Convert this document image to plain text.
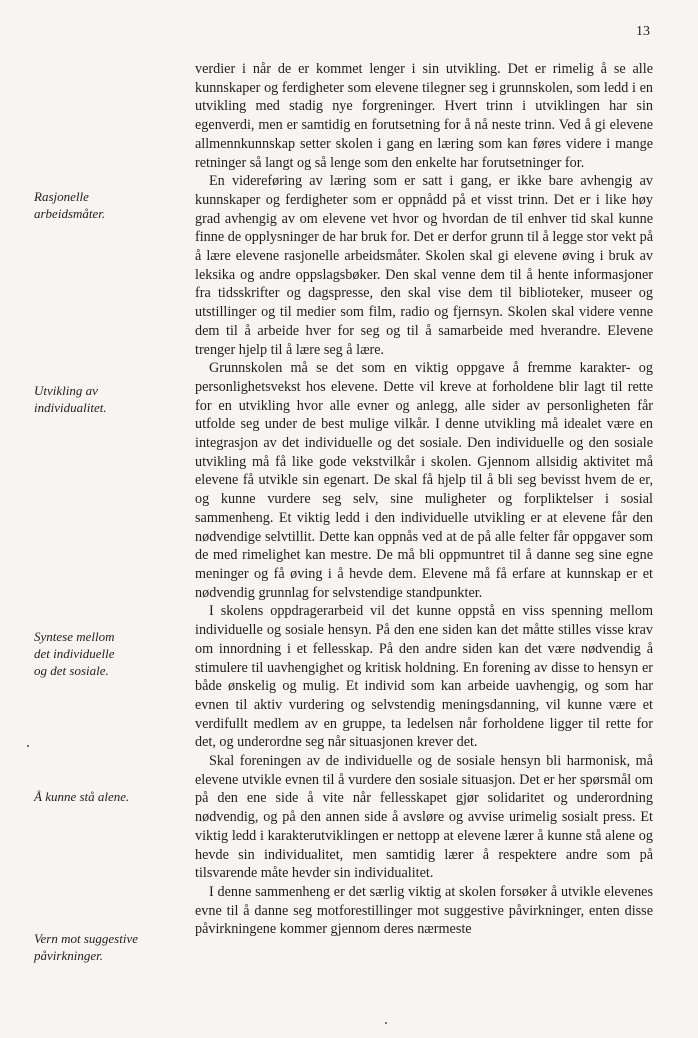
13
Rasjonelle
arbeidsmåter.
Utvikling av
individualitet.
Syntese mellom
det individuelle
og det sosiale.
Å kunne stå alene.
Vern mot suggestive
påvirkninger.

verdier i når de er kommet lenger i sin utvikling. Det er rimelig å se alle kunnskaper og ferdigheter som elevene tilegner seg i grunnskolen, som ledd i en utvikling med stadig nye forgreninger. Hvert trinn i utviklingen har sin egenverdi, men er samtidig en forutsetning for å nå neste trinn. Ved å gi elevene allmennkunnskap setter skolen i gang en læring som kan føres videre i mange retninger så langt og så lenge som den enkelte har forutsetninger for.

En videreføring av læring som er satt i gang, er ikke bare avhengig av kunnskaper og ferdigheter som er oppnådd på et visst trinn. Det er i like høy grad avhengig av om elevene vet hvor og hvordan de til enhver tid skal kunne finne de opplysninger de har bruk for. Det er derfor grunn til å legge stor vekt på å lære elevene rasjonelle arbeidsmåter. Skolen skal gi elevene øving i bruk av leksika og andre oppslagsbøker. Den skal venne dem til å hente informasjoner fra tidsskrifter og dagspresse, den skal vise dem til biblioteker, museer og utstillinger og til medier som film, radio og fjernsyn. Skolen skal videre venne dem til å arbeide hver for seg og til å samarbeide med hverandre. Elevene trenger hjelp til å lære seg å lære.

Grunnskolen må se det som en viktig oppgave å fremme karakter- og personlighetsvekst hos elevene. Dette vil kreve at forholdene blir lagt til rette for en utvikling hvor alle evner og anlegg, alle sider av personligheten får utfolde seg under de best mulige vilkår. I denne utvikling må idealet være en integrasjon av det individuelle og det sosiale. Den individuelle og den sosiale utvikling må få like gode vekstvilkår i skolen. Gjennom allsidig aktivitet må elevene få utvikle sin egenart. De skal få hjelp til å bli seg bevisst hvem de er, og kunne vurdere seg selv, sine muligheter og forpliktelser i sosial sammenheng. Et viktig ledd i den individuelle utvikling er at elevene får den nødvendige selvtillit. Dette kan oppnås ved at de på alle felter får oppgaver som de med rimelighet kan mestre. De må bli oppmuntret til å danne seg sine egne meninger og få øving i å hevde dem. Elevene må få erfare at kunnskap er et nødvendig grunnlag for selvstendige standpunkter.

I skolens oppdragerarbeid vil det kunne oppstå en viss spenning mellom individuelle og sosiale hensyn. På den ene siden kan det måtte stilles visse krav om innordning i et fellesskap. På den andre siden kan det være nødvendig å stimulere til uavhengighet og kritisk holdning. En forening av disse to hensyn er både ønskelig og mulig. Et individ som kan arbeide uavhengig, og som har evnen til aktiv vurdering og selvstendig meningsdanning, vil kunne være et verdifullt medlem av en gruppe, ta ledelsen når forholdene ligger til rette for det, og underordne seg når situasjonen krever det.

Skal foreningen av de individuelle og de sosiale hensyn bli harmonisk, må elevene utvikle evnen til å vurdere den sosiale situasjon. Det er her spørsmål om på den ene side å vite når fellesskapet gjør solidaritet og underordning nødvendig, og på den annen side å avsløre og avvise urimelig sosialt press. Et viktig ledd i karakterutviklingen er nettopp at elevene lærer å kunne stå alene og hevde sin individualitet, men samtidig lærer å respektere andre som på tilsvarende måte hevder sin individualitet.

I denne sammenheng er det særlig viktig at skolen forsøker å utvikle elevenes evne til å danne seg motforestillinger mot suggestive påvirkninger, enten disse påvirkningene kommer gjennom deres nærmeste
